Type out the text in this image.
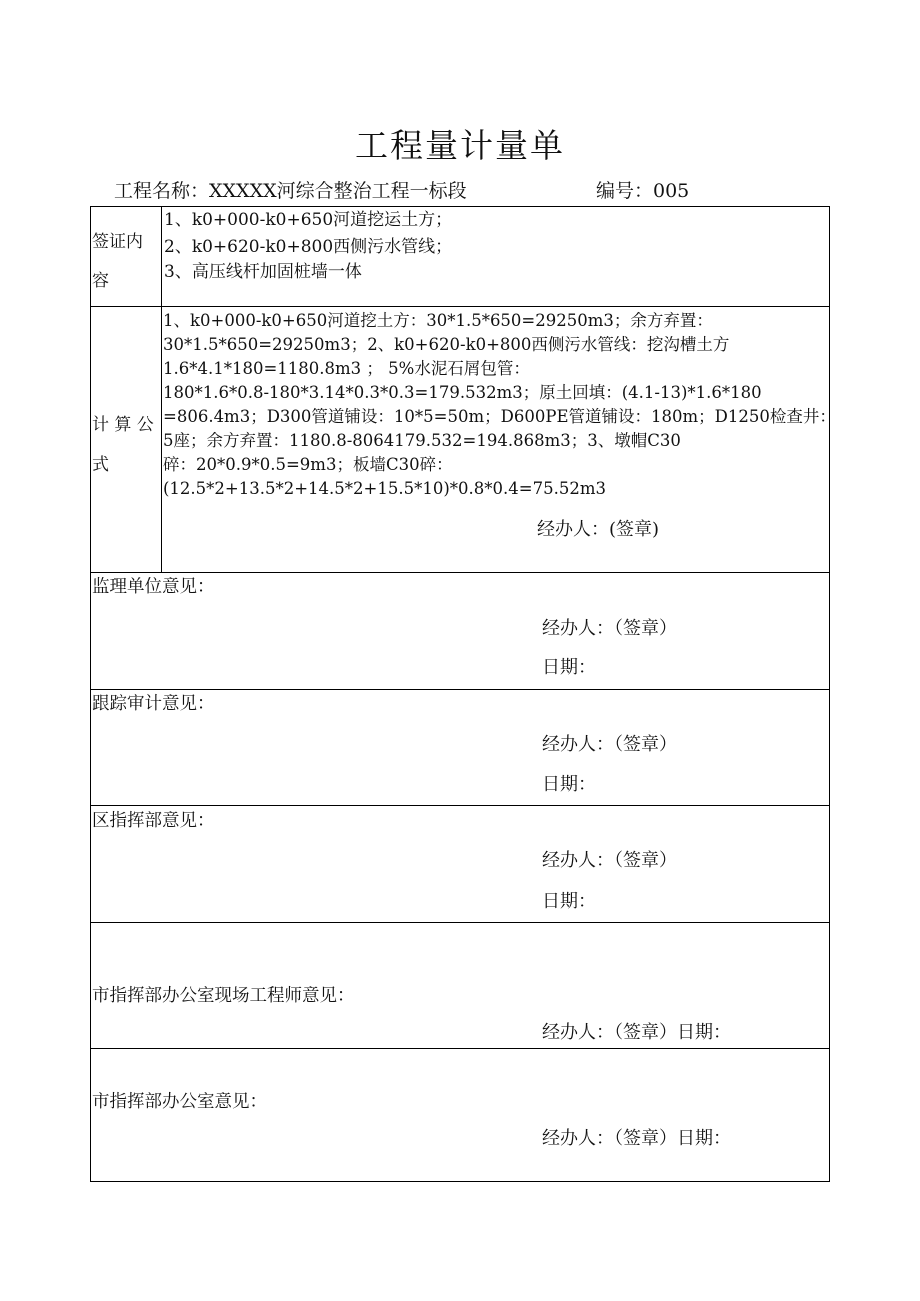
工程量计量单
工程名称：XXXXX河综合整治工程一标段	编号：005
签证内
容
1、k0+000-k0+650河道挖运土方；
2、k0+620-k0+800西侧污水管线；
3、高压线杆加固桩墙一体
计 算 公
式
1、k0+000-k0+650河道挖土方：30*1.5*650=29250m3；余方弃置：
30*1.5*650=29250m3；2、k0+620-k0+800西侧污水管线：挖沟槽土方
1.6*4.1*180=1180.8m3 ； 5%水泥石屑包管：
180*1.6*0.8-180*3.14*0.3*0.3=179.532m3；原土回填：(4.1-13)*1.6*180
=806.4m3；D300管道铺设：10*5=50m；D600PE管道铺设：180m；D1250检查井：
5座；余方弃置：1180.8-8064179.532=194.868m3；3、墩帽C30
碎：20*0.9*0.5=9m3；板墙C30碎：
(12.5*2+13.5*2+14.5*2+15.5*10)*0.8*0.4=75.52m3
经办人：(签章)
监理单位意见：
经办人：（签章）
日期：
跟踪审计意见：
经办人：（签章）
日期：
区指挥部意见：
经办人：（签章）
日期：
市指挥部办公室现场工程师意见：
经办人：（签章）日期：
市指挥部办公室意见：
经办人：（签章）日期：
